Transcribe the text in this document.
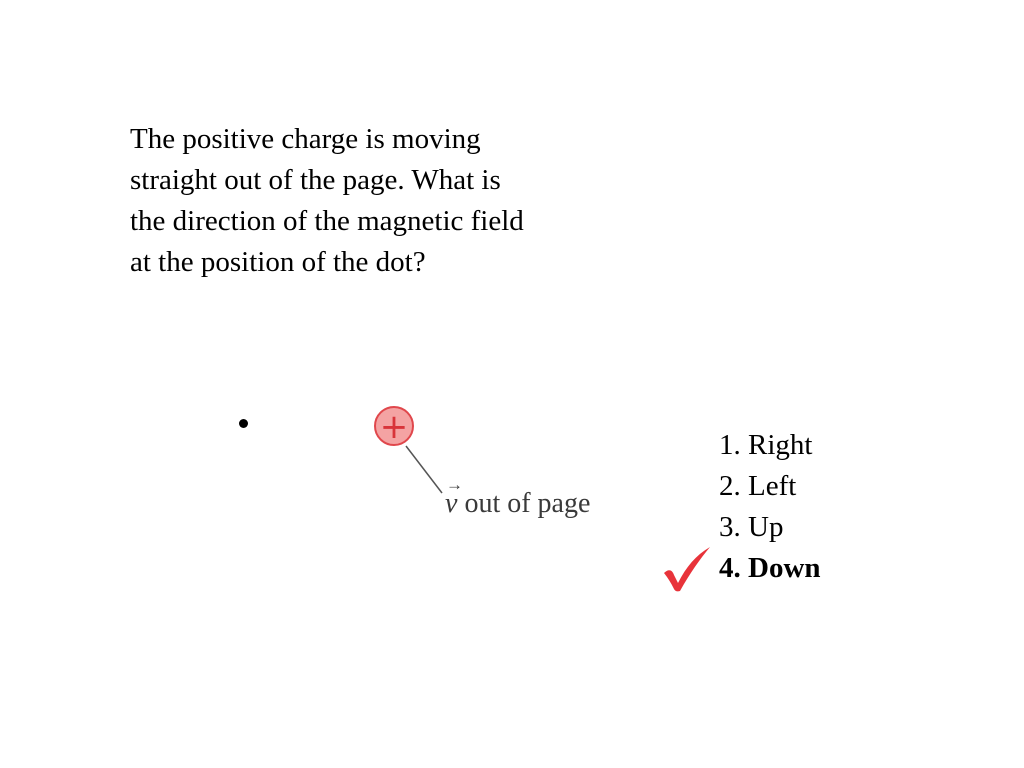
The positive charge is moving
straight out of the page. What is
the direction of the magnetic field
at the position of the dot?

+
→
v out of page
1. Right
2. Left
3. Up
4. Down
